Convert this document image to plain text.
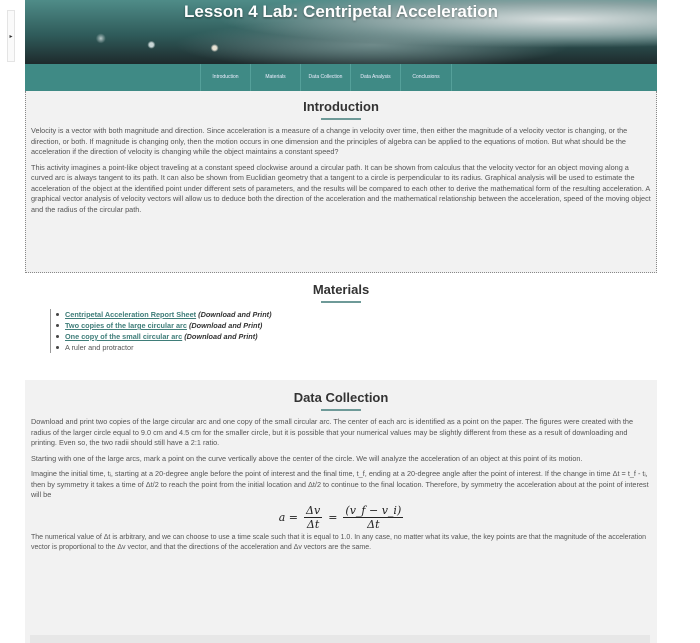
▸
Lesson 4 Lab: Centripetal Acceleration
Introduction	Materials	Data Collection	Data Analysis	Conclusions
Introduction

Velocity is a vector with both magnitude and direction. Since acceleration is a measure of a change in velocity over time, then either the magnitude of a velocity vector is changing, or the direction, or both. If magnitude is changing only, then the motion occurs in one dimension and the principles of algebra can be applied to the equations of motion. But what should be the acceleration if the direction of velocity is changing while the object maintains a constant speed?

This activity imagines a point-like object traveling at a constant speed clockwise around a circular path. It can be shown from calculus that the velocity vector for an object moving along a curved arc is always tangent to its path. It can also be shown from Euclidian geometry that a tangent to a circle is perpendicular to its radius. Graphical analysis will be used to estimate the acceleration of the object at the identified point under different sets of parameters, and the results will be compared to each other to derive the mathematical form of the resulting acceleration. A graphical vector analysis of velocity vectors will allow us to deduce both the direction of the acceleration and the mathematical relationship between the acceleration, speed of the moving object and the radius of the circular path.

Materials
Centripetal Acceleration Report Sheet (Download and Print)
Two copies of the large circular arc (Download and Print)
One copy of the small circular arc (Download and Print)
A ruler and protractor
Data Collection

Download and print two copies of the large circular arc and one copy of the small circular arc. The center of each arc is identified as a point on the paper. The figures were created with the radius of the larger circle equal to 9.0 cm and 4.5 cm for the smaller circle, but it is possible that your numerical values may be slightly different from these as a result of downloading and printing. Even so, the two radii should still have a 2:1 ratio.

Starting with one of the large arcs, mark a point on the curve vertically above the center of the circle. We will analyze the acceleration of an object at this point of its motion.

Imagine the initial time, tᵢ, starting at a 20-degree angle before the point of interest and the final time, t_f, ending at a 20-degree angle after the point of interest. If the change in time Δt = t_f - tᵢ, then by symmetry it takes a time of Δt/2 to reach the point from the initial location and Δt/2 to continue to the final location. Therefore, by symmetry the acceleration about at the point of interest will be

$a = \frac{\Delta v}{\Delta t} = \frac{(v\_f - v\_i)}{\Delta t}$

The numerical value of Δt is arbitrary, and we can choose to use a time scale such that it is equal to 1.0. In any case, no matter what its value, the key points are that the magnitude of the acceleration vector is proportional to the Δv vector, and that the directions of the acceleration and Δv vectors are the same.
